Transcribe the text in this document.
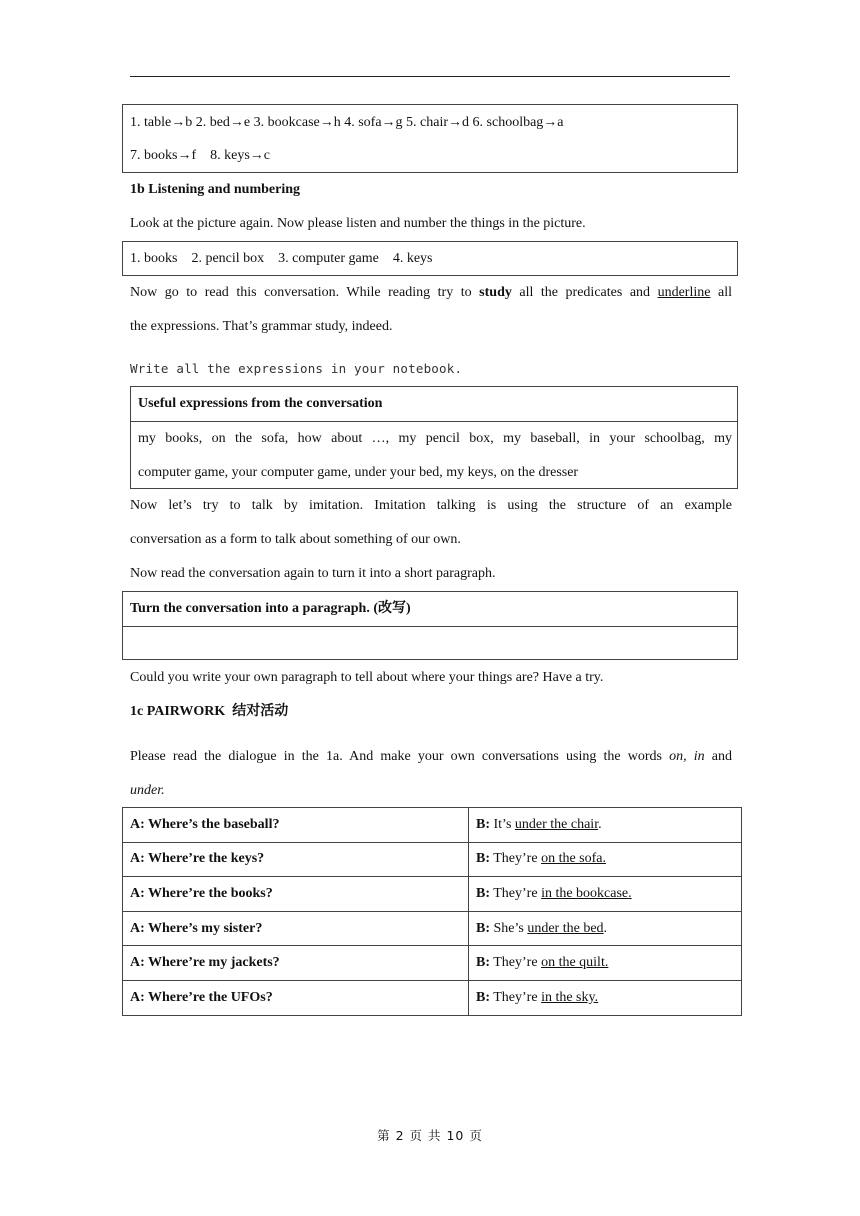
1. table→b 2. bed→e 3. bookcase→h 4. sofa→g 5. chair→d 6. schoolbag→a
7. books→f    8. keys→c
1b Listening and numbering
Look at the picture again. Now please listen and number the things in the picture.
1. books    2. pencil box    3. computer game    4. keys
Now go to read this conversation. While reading try to study all the predicates and underline all
the expressions. That’s grammar study, indeed.
Write all the expressions in your notebook.
Useful expressions from the conversation
my books, on the sofa, how about …, my pencil box, my baseball, in your schoolbag, my
computer game, your computer game, under your bed, my keys, on the dresser
Now let’s try to talk by imitation. Imitation talking is using the structure of an example
conversation as a form to talk about something of our own.
Now read the conversation again to turn it into a short paragraph.
Turn the conversation into a paragraph. (改写)
Could you write your own paragraph to tell about where your things are? Have a try.
1c PAIRWORK  结对活动
Please read the dialogue in the 1a. And make your own conversations using the words on, in and
under.
A: Where’s the baseball?	B: It’s under the chair.
A: Where’re the keys?	B: They’re on the sofa.
A: Where’re the books?	B: They’re in the bookcase.
A: Where’s my sister?	B: She’s under the bed.
A: Where’re my jackets?	B: They’re on the quilt.
A: Where’re the UFOs?	B: They’re in the sky.
第 2 页 共 10 页
